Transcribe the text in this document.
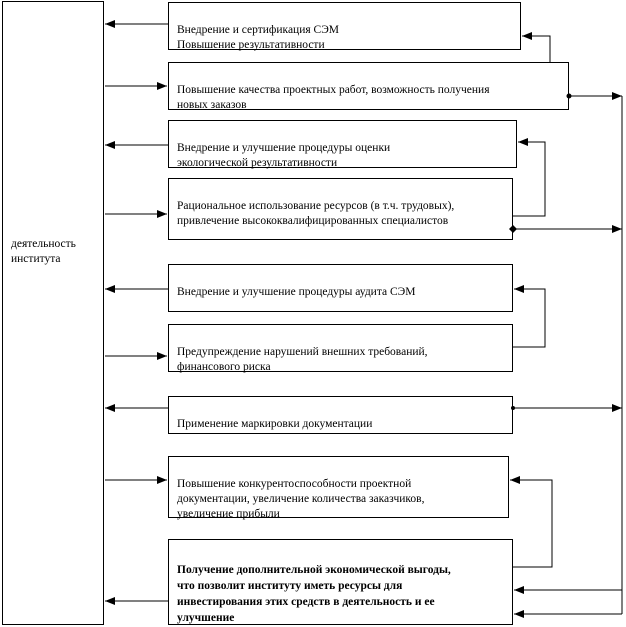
деятельность
института

Внедрение и сертификация СЭМ
Повышение результативности

Повышение качества проектных работ, возможность получения
новых заказов

Внедрение и улучшение процедуры оценки
экологической результативности

Рациональное использование ресурсов (в т.ч. трудовых),
привлечение высококвалифицированных специалистов

Внедрение и улучшение процедуры аудита СЭМ

Предупреждение нарушений внешних требований,
финансового риска

Применение маркировки документации

Повышение конкурентоспособности проектной
документации, увеличение количества заказчиков,
увеличение прибыли

Получение дополнительной экономической выгоды,
что позволит институту иметь ресурсы для
инвестирования этих средств в деятельность и ее
улучшение
